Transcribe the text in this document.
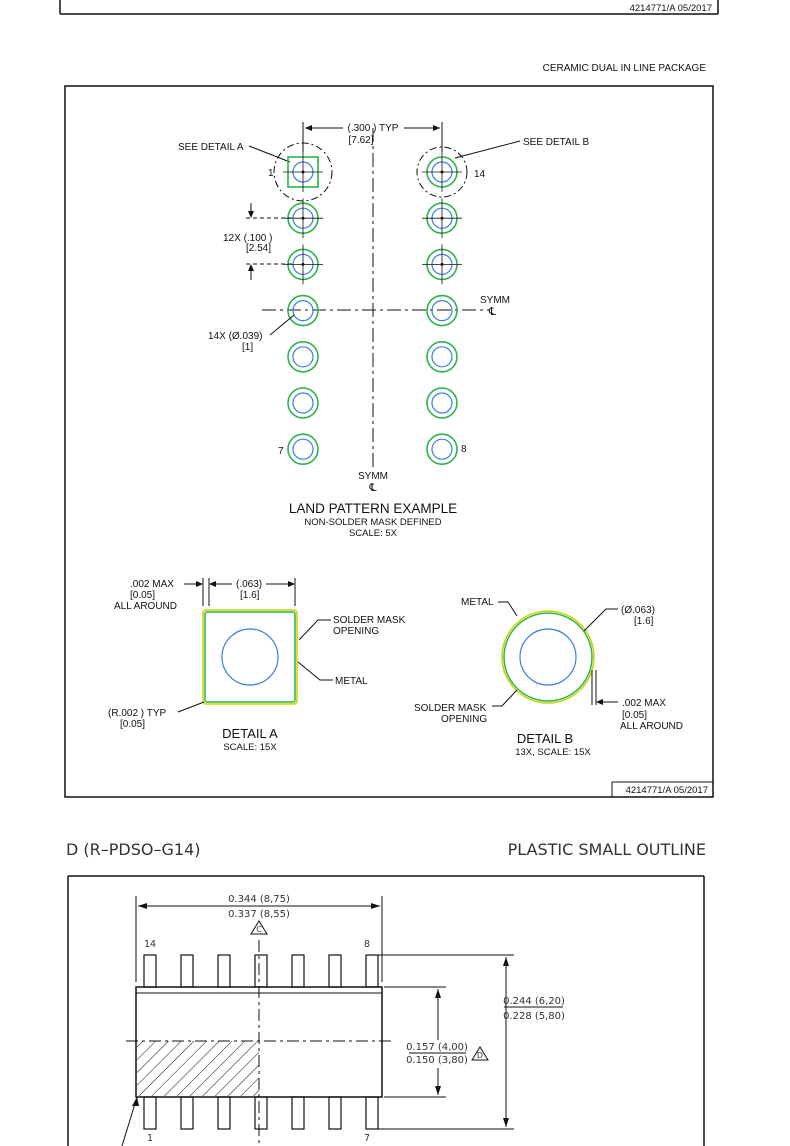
4214771/A 05/2017
CERAMIC DUAL IN LINE PACKAGE
(.300 ) TYP
[7.62]
SEE DETAIL A	SEE DETAIL B
1	14
7	8
12X (.100 )
[2.54]
14X (Ø.039)
[1]
SYMM
℄
SYMM
℄
LAND PATTERN EXAMPLE
NON-SOLDER MASK DEFINED
SCALE: 5X
.002 MAX
[0.05]
ALL AROUND
(.063)
[1.6]
SOLDER MASK
OPENING
METAL
(R.002 ) TYP
[0.05]
DETAIL A
SCALE: 15X
METAL
(Ø.063)
[1.6]
SOLDER MASK
OPENING
.002 MAX
[0.05]
ALL AROUND
DETAIL B
13X, SCALE: 15X
4214771/A 05/2017
D (R–PDSO–G14)	PLASTIC SMALL OUTLINE
0.344 (8,75)
0.337 (8,55)
C
14	8
1	7
0.157 (4,00)
0.150 (3,80) D
0.244 (6,20)
0.228 (5,80)
